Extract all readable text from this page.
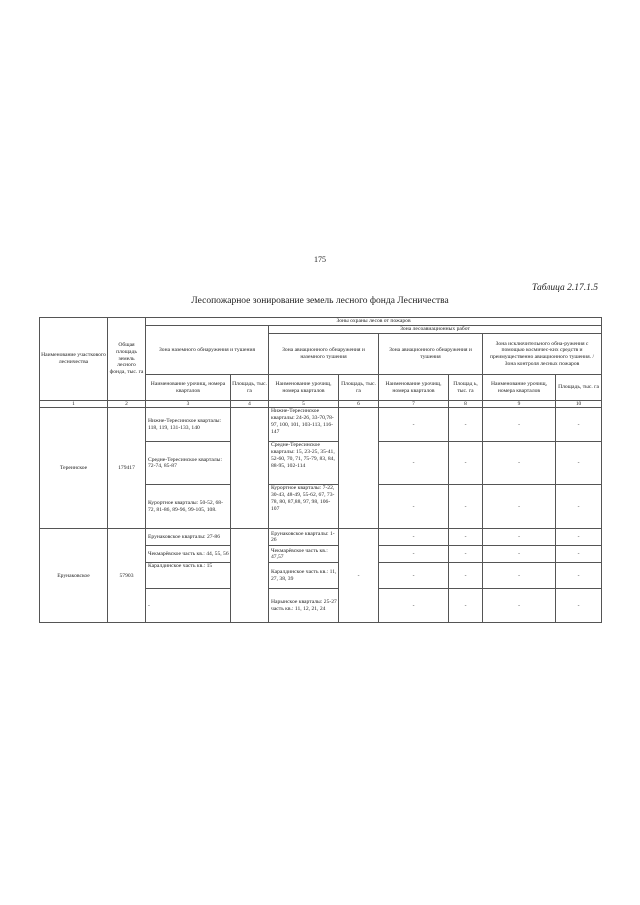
175
Таблица 2.17.1.5
Лесопожарное зонирование земель лесного фонда Лесничества
Наименование участкового лесничества	Общая площадь земель лесного фонда, тыс. га	Зоны охраны лесов от пожаров							
		Зона наземного обнаружения и тушения		Зона лесоавиационных работ					
				Зона авиационного обнаружения и наземного тушения		Зона авиационного обнаружения и тушения		Зона исключительного обна-ружения с помощью космичес-ких средств и преимущественно авиационного тушения. / Зона контроля лесных пожаров	
		Наименование урочищ, номера кварталов	Площадь, тыс. га	Наименование урочищ, номера кварталов	Площадь, тыс. га	Наименование урочищ, номера кварталов	Площад ь, тыс. га	Наименование урочищ, номера кварталов	Площадь, тыс. га
1	2	3	4	5	6	7	8	9	10
Тереинское	179417	Нижне-Тересинское кварталы: 118, 119, 131-133, 140		Нижне-Тересинское кварталы: 24-26, 33-70,78-97, 100, 101, 103-113, 116-147		-	-	-	-
		Средне-Тересинское кварталы: 72-74, 85-87		Средне-Тересинское кварталы: 15, 23-25, 35-41, 52-60, 70, 71, 75-79, 83, 84, 88-95, 102-114		-	-	-	-
		Курортное кварталы: 50-52, 68-72, 81-86, 89-96, 99-105, 108.		Курортное кварталы: 7-22, 30-43, 48-49, 55-62, 67, 73-78, 80, 87,88, 97, 98, 106-107		-	-	-	-
Ерунаковское	57903	Ерунаковское кварталы: 27-86		Ерунаковское кварталы: 1-26	-	-	-	-	-
		Чекмарёвское часть кв.: 44, 55, 56		Чекмарёвское часть кв.: 47,57		-	-	-	-
		Каралдинское часть кв.: 15		Каралдинское часть кв.: 11, 27, 38, 39		-	-	-	-
		-		Нарынское кварталы: 25-27 часть кв.: 11, 12, 21, 24		-	-	-	-
